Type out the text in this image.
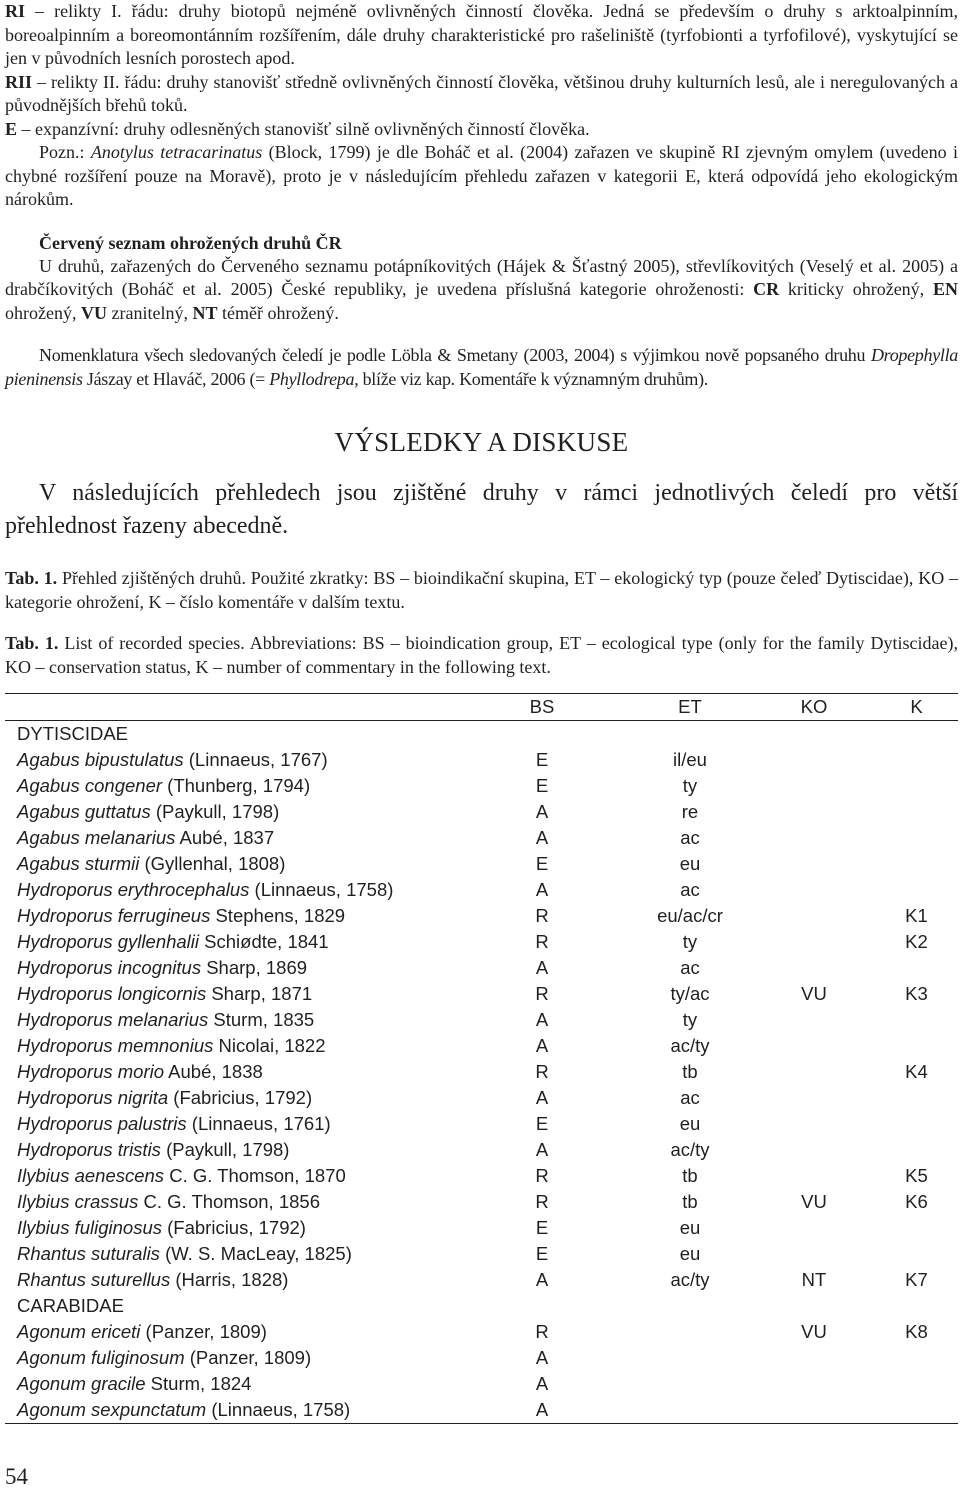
RI – relikty I. řádu: druhy biotopů nejméně ovlivněných činností člověka. Jedná se především o druhy s arktoalpinním, boreoalpinním a boreomontánním rozšířením, dále druhy charakteristické pro rašeliniště (tyrfobionti a tyrfofilové), vyskytující se jen v původních lesních porostech apod.

RII – relikty II. řádu: druhy stanovišť středně ovlivněných činností člověka, většinou druhy kulturních lesů, ale i neregulovaných a původnějších břehů toků.

E – expanzívní: druhy odlesněných stanovišť silně ovlivněných činností člověka.

Pozn.: Anotylus tetracarinatus (Block, 1799) je dle Boháč et al. (2004) zařazen ve skupině RI zjevným omylem (uvedeno i chybné rozšíření pouze na Moravě), proto je v následujícím přehledu zařazen v kategorii E, která odpovídá jeho ekologickým nárokům.

Červený seznam ohrožených druhů ČR

U druhů, zařazených do Červeného seznamu potápníkovitých (Hájek & Šťastný 2005), střevlíkovitých (Veselý et al. 2005) a drabčíkovitých (Boháč et al. 2005) České republiky, je uvedena příslušná kategorie ohroženosti: CR kriticky ohrožený, EN ohrožený, VU zranitelný, NT téměř ohrožený.

Nomenklatura všech sledovaných čeledí je podle Löbla & Smetany (2003, 2004) s výjimkou nově popsaného druhu Dropephylla pieninensis Jászay et Hlaváč, 2006 (= Phyllodrepa, blíže viz kap. Komentáře k významným druhům).

VÝSLEDKY A DISKUSE

V následujících přehledech jsou zjištěné druhy v rámci jednotlivých čeledí pro větší přehlednost řazeny abecedně.

Tab. 1. Přehled zjištěných druhů. Použité zkratky: BS – bioindikační skupina, ET – ekologický typ (pouze čeleď Dytiscidae), KO – kategorie ohrožení, K – číslo komentáře v dalším textu.

Tab. 1. List of recorded species. Abbreviations: BS – bioindication group, ET – ecological type (only for the family Dytiscidae), KO – conservation status, K – number of commentary in the following text.

	BS	ET	KO	K
DYTISCIDAE				
Agabus bipustulatus (Linnaeus, 1767)	E	il/eu		
Agabus congener (Thunberg, 1794)	E	ty		
Agabus guttatus (Paykull, 1798)	A	re		
Agabus melanarius Aubé, 1837	A	ac		
Agabus sturmii (Gyllenhal, 1808)	E	eu		
Hydroporus erythrocephalus (Linnaeus, 1758)	A	ac		
Hydroporus ferrugineus Stephens, 1829	R	eu/ac/cr		K1
Hydroporus gyllenhalii Schiødte, 1841	R	ty		K2
Hydroporus incognitus Sharp, 1869	A	ac		
Hydroporus longicornis Sharp, 1871	R	ty/ac	VU	K3
Hydroporus melanarius Sturm, 1835	A	ty		
Hydroporus memnonius Nicolai, 1822	A	ac/ty		
Hydroporus morio Aubé, 1838	R	tb		K4
Hydroporus nigrita (Fabricius, 1792)	A	ac		
Hydroporus palustris (Linnaeus, 1761)	E	eu		
Hydroporus tristis (Paykull, 1798)	A	ac/ty		
Ilybius aenescens C. G. Thomson, 1870	R	tb		K5
Ilybius crassus C. G. Thomson, 1856	R	tb	VU	K6
Ilybius fuliginosus (Fabricius, 1792)	E	eu		
Rhantus suturalis (W. S. MacLeay, 1825)	E	eu		
Rhantus suturellus (Harris, 1828)	A	ac/ty	NT	K7
CARABIDAE				
Agonum ericeti (Panzer, 1809)	R		VU	K8
Agonum fuliginosum (Panzer, 1809)	A			
Agonum gracile Sturm, 1824	A			
Agonum sexpunctatum (Linnaeus, 1758)	A			
54
